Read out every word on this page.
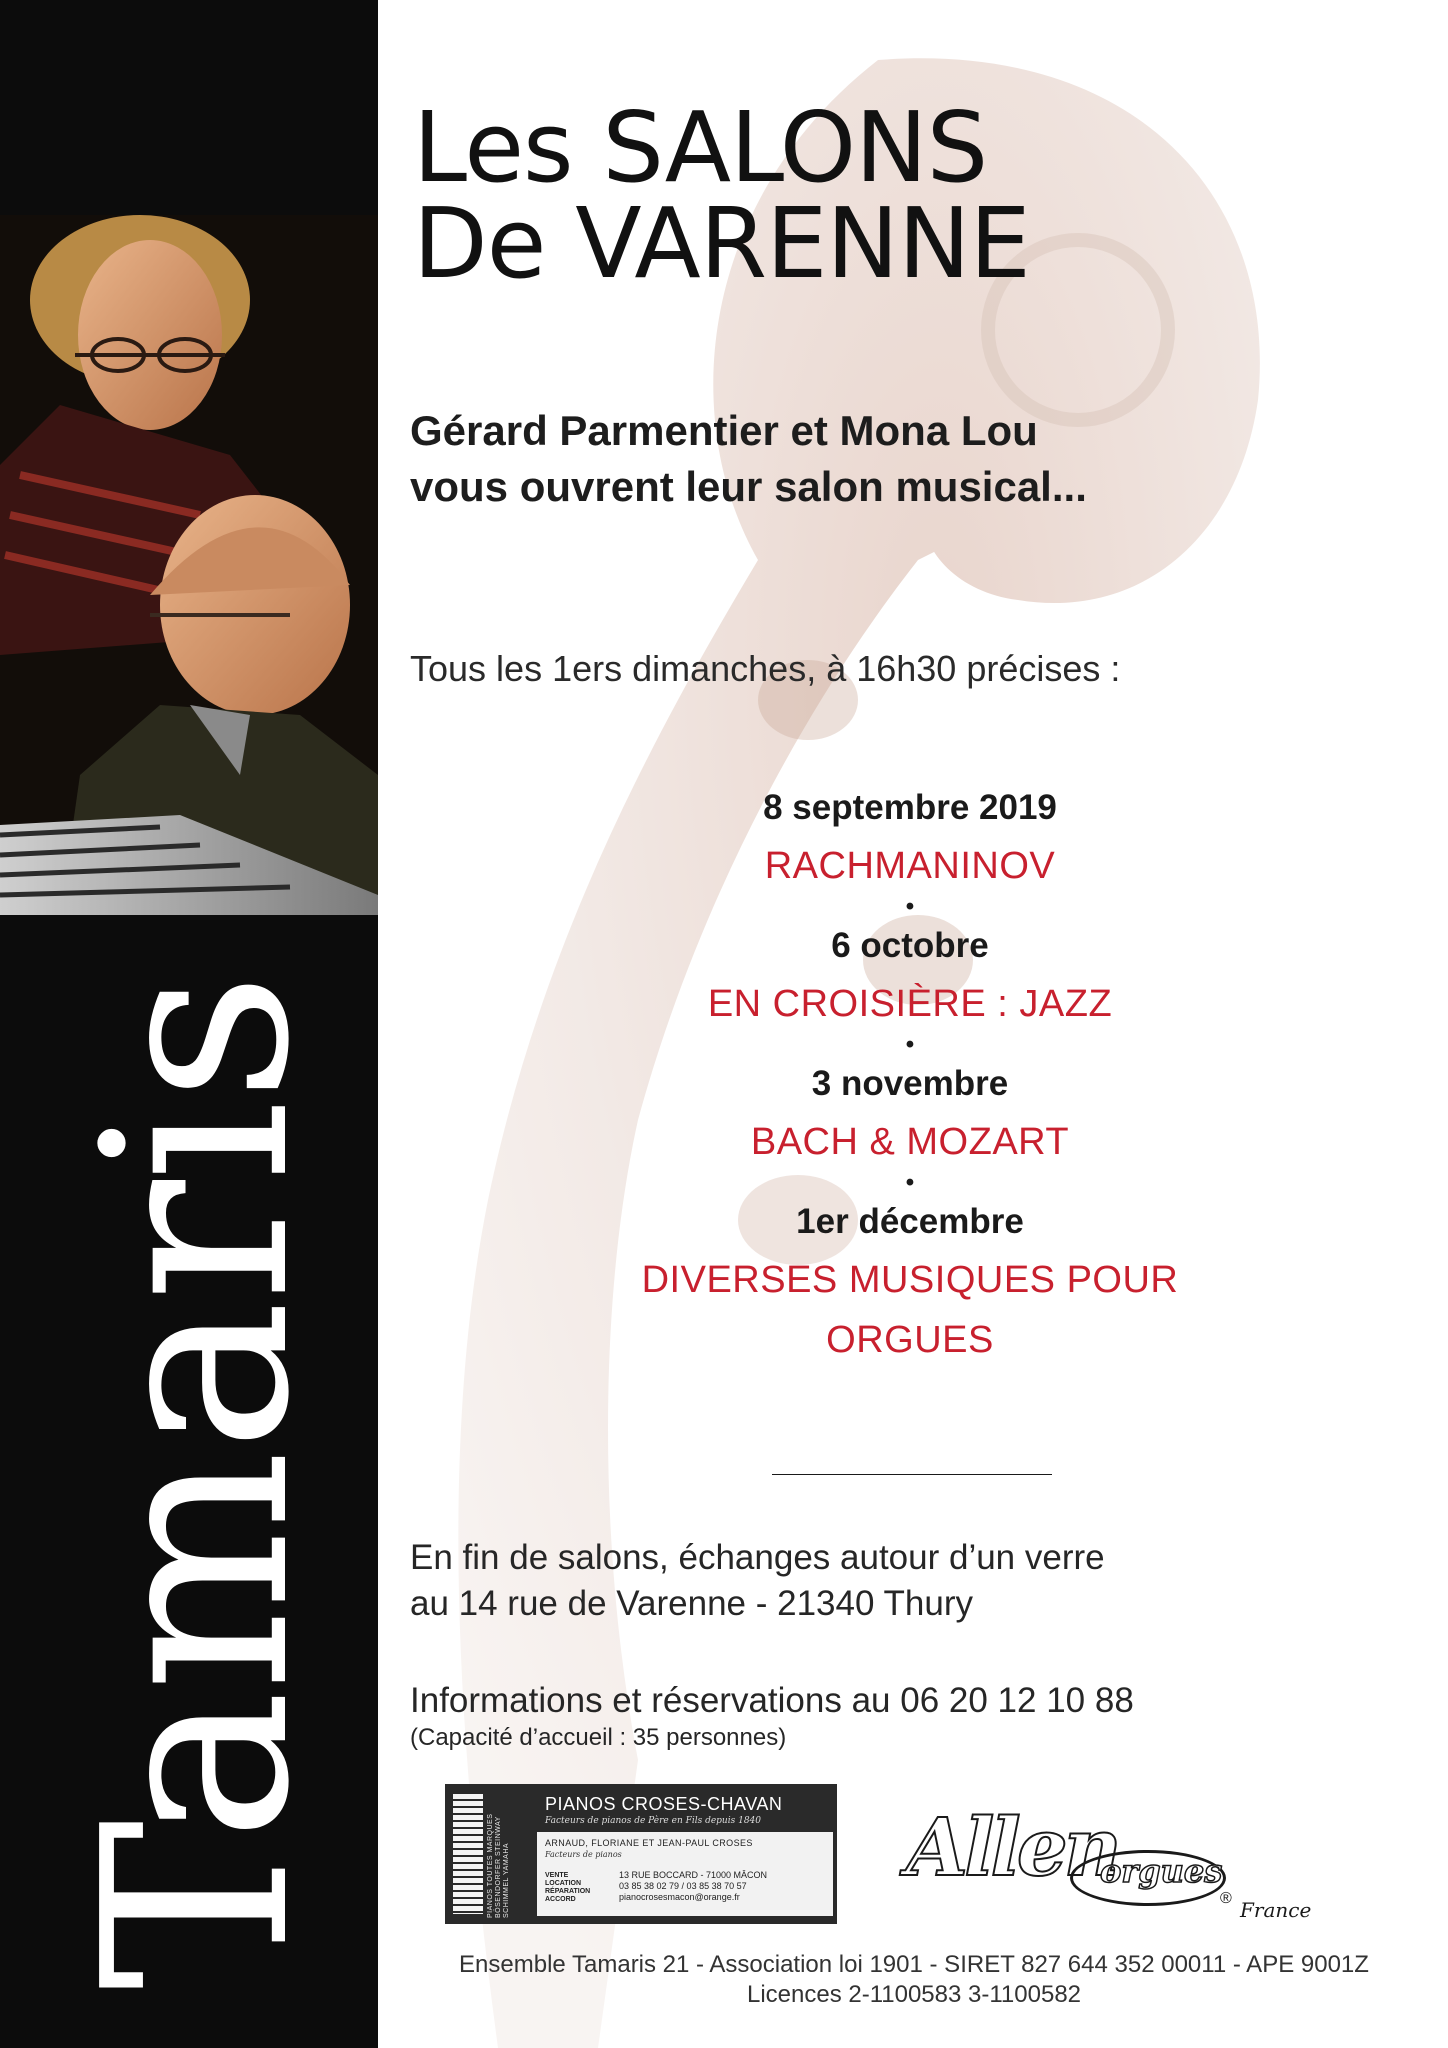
Tamaris
Les SALONS
De VARENNE
Gérard Parmentier et Mona Lou
vous ouvrent leur salon musical...
Tous les 1ers dimanches, à 16h30 précises :
8 septembre 2019
RACHMANINOV
•
6 octobre
EN CROISIÈRE : JAZZ
•
3 novembre
BACH & MOZART
•
1er décembre
DIVERSES MUSIQUES POUR ORGUES
En fin de salons, échanges autour d’un verre
au 14 rue de Varenne - 21340 Thury
Informations et réservations au 06 20 12 10 88
(Capacité d’accueil : 35 personnes)
PIANOS TOUTES MARQUES BÖSENDORFER STEINWAY SCHIMMEL YAMAHA
PIANOS CROSES-CHAVAN
Facteurs de pianos de Père en Fils depuis 1840
ARNAUD, FLORIANE ET JEAN-PAUL CROSES
Facteurs de pianos
VENTE
LOCATION
RÉPARATION
ACCORD
13 RUE BOCCARD - 71000 MÂCON
03 85 38 02 79 / 03 85 38 70 57
pianocrosesmacon@orange.fr
Allen
orgues
® France
Ensemble Tamaris 21 - Association loi 1901 - SIRET 827 644 352 00011 - APE 9001Z
Licences 2-1100583 3-1100582
